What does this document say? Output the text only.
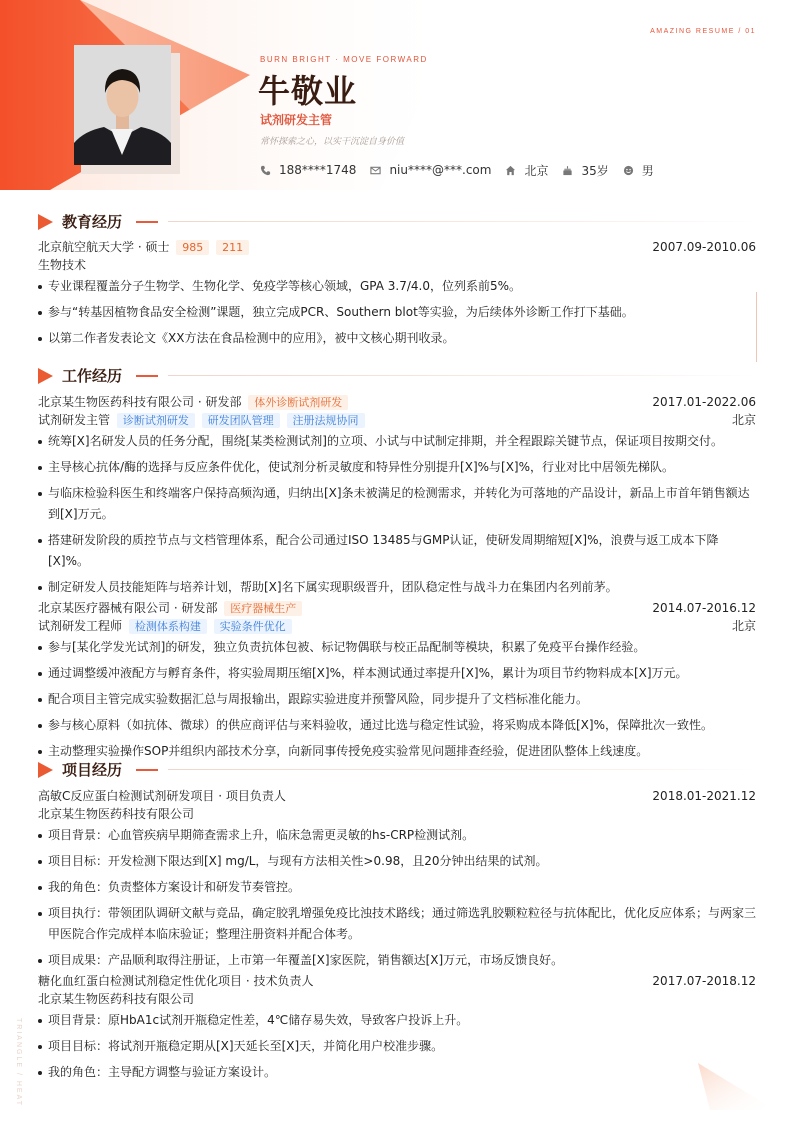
AMAZING RESUME / 01
TRIANGLE / HEAT
BURN BRIGHT · MOVE FORWARD
牛敬业
试剂研发主管
常怀探索之心，以实干沉淀自身价值
188****1748	niu****@***.com	北京	35岁	男
教育经历
北京航空航天大学 · 硕士 985 211	2007.09-2010.06
生物技术
专业课程覆盖分子生物学、生物化学、免疫学等核心领域，GPA 3.7/4.0，位列系前5%。
参与“转基因植物食品安全检测”课题，独立完成PCR、Southern blot等实验，为后续体外诊断工作打下基础。
以第二作者发表论文《XX方法在食品检测中的应用》，被中文核心期刊收录。
工作经历
北京某生物医药科技有限公司 · 研发部 体外诊断试剂研发	2017.01-2022.06
试剂研发主管 诊断试剂研发 研发团队管理 注册法规协同	北京
统筹[X]名研发人员的任务分配，围绕[某类检测试剂]的立项、小试与中试制定排期，并全程跟踪关键节点，保证项目按期交付。
主导核心抗体/酶的选择与反应条件优化，使试剂分析灵敏度和特异性分别提升[X]%与[X]%，行业对比中居领先梯队。
与临床检验科医生和终端客户保持高频沟通，归纳出[X]条未被满足的检测需求，并转化为可落地的产品设计，新品上市首年销售额达到[X]万元。
搭建研发阶段的质控节点与文档管理体系，配合公司通过ISO 13485与GMP认证，使研发周期缩短[X]%，浪费与返工成本下降[X]%。
制定研发人员技能矩阵与培养计划，帮助[X]名下属实现职级晋升，团队稳定性与战斗力在集团内名列前茅。
北京某医疗器械有限公司 · 研发部 医疗器械生产	2014.07-2016.12
试剂研发工程师 检测体系构建 实验条件优化	北京
参与[某化学发光试剂]的研发，独立负责抗体包被、标记物偶联与校正品配制等模块，积累了免疫平台操作经验。
通过调整缓冲液配方与孵育条件，将实验周期压缩[X]%，样本测试通过率提升[X]%，累计为项目节约物料成本[X]万元。
配合项目主管完成实验数据汇总与周报输出，跟踪实验进度并预警风险，同步提升了文档标准化能力。
参与核心原料（如抗体、微球）的供应商评估与来料验收，通过比选与稳定性试验，将采购成本降低[X]%，保障批次一致性。
主动整理实验操作SOP并组织内部技术分享，向新同事传授免疫实验常见问题排查经验，促进团队整体上线速度。
项目经历
高敏C反应蛋白检测试剂研发项目 · 项目负责人	2018.01-2021.12
北京某生物医药科技有限公司
项目背景：心血管疾病早期筛查需求上升，临床急需更灵敏的hs-CRP检测试剂。
项目目标：开发检测下限达到[X] mg/L，与现有方法相关性>0.98，且20分钟出结果的试剂。
我的角色：负责整体方案设计和研发节奏管控。
项目执行：带领团队调研文献与竞品，确定胶乳增强免疫比浊技术路线；通过筛选乳胶颗粒粒径与抗体配比，优化反应体系；与两家三甲医院合作完成样本临床验证；整理注册资料并配合体考。
项目成果：产品顺利取得注册证，上市第一年覆盖[X]家医院，销售额达[X]万元，市场反馈良好。
糖化血红蛋白检测试剂稳定性优化项目 · 技术负责人	2017.07-2018.12
北京某生物医药科技有限公司
项目背景：原HbA1c试剂开瓶稳定性差，4℃储存易失效，导致客户投诉上升。
项目目标：将试剂开瓶稳定期从[X]天延长至[X]天，并简化用户校准步骤。
我的角色：主导配方调整与验证方案设计。
